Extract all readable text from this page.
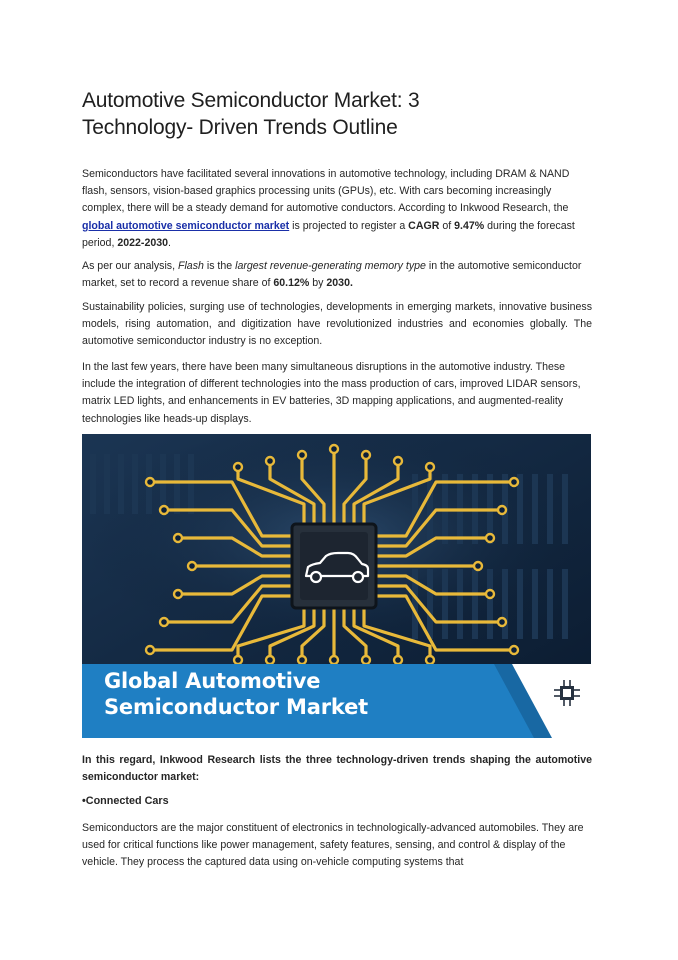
Automotive Semiconductor Market: 3
Technology- Driven Trends Outline

Semiconductors have facilitated several innovations in automotive technology, including DRAM & NAND flash, sensors, vision-based graphics processing units (GPUs), etc. With cars becoming increasingly complex, there will be a steady demand for automotive conductors. According to Inkwood Research, the global automotive semiconductor market is projected to register a CAGR of 9.47% during the forecast period, 2022-2030.

As per our analysis, Flash is the largest revenue-generating memory type in the automotive semiconductor market, set to record a revenue share of 60.12% by 2030.

Sustainability policies, surging use of technologies, developments in emerging markets, innovative business models, rising automation, and digitization have revolutionized industries and economies globally. The automotive semiconductor industry is no exception.

In the last few years, there have been many simultaneous disruptions in the automotive industry. These include the integration of different technologies into the mass production of cars, improved LIDAR sensors, matrix LED lights, and enhancements in EV batteries, 3D mapping applications, and augmented-reality technologies like heads-up displays.

Global Automotive
Semiconductor Market

In this regard, Inkwood Research lists the three technology-driven trends shaping the automotive semiconductor market:

•Connected Cars

Semiconductors are the major constituent of electronics in technologically-advanced automobiles. They are used for critical functions like power management, safety features, sensing, and control & display of the vehicle. They process the captured data using on-vehicle computing systems that
